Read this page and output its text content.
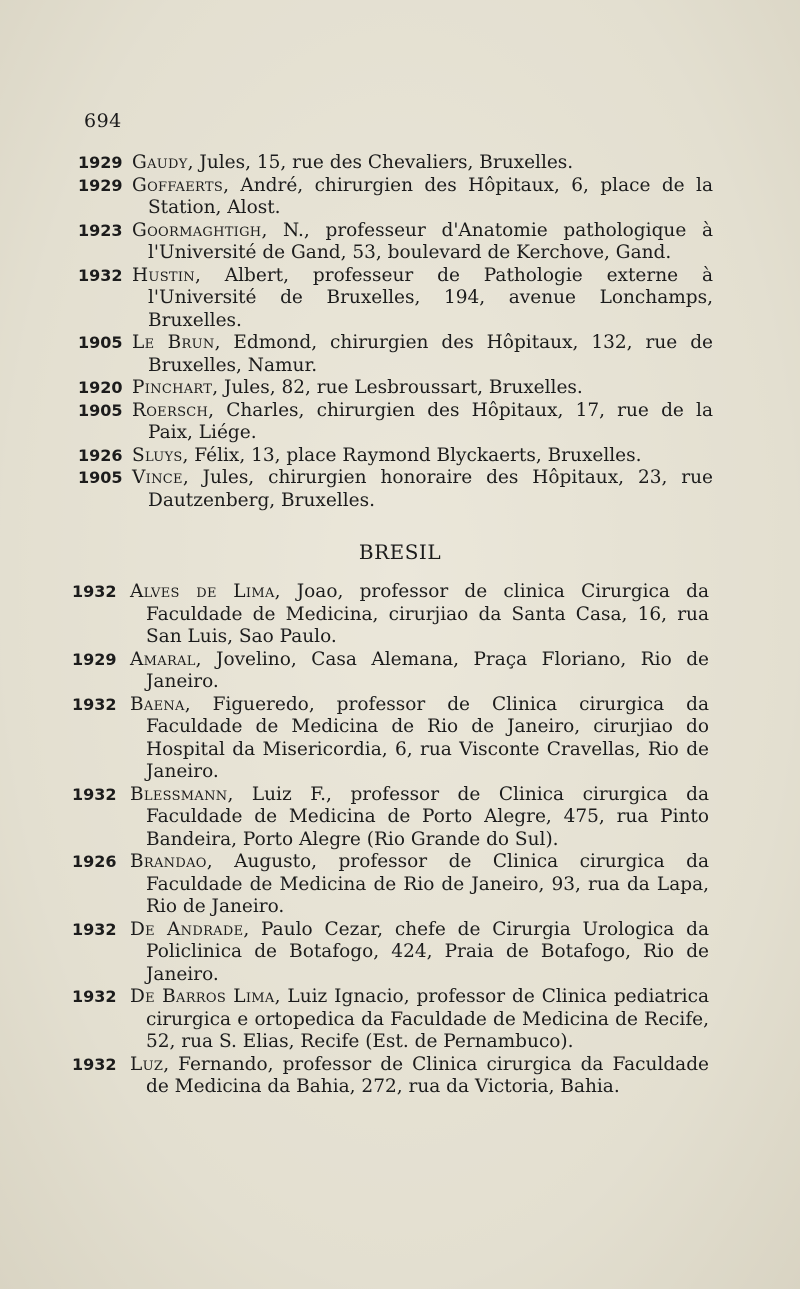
694
1929 Gaudy, Jules, 15, rue des Chevaliers, Bruxelles.
1929 Goffaerts, André, chirurgien des Hôpitaux, 6, place de la Station, Alost.
1923 Goormaghtigh, N., professeur d'Anatomie pathologique à l'Université de Gand, 53, boulevard de Kerchove, Gand.
1932 Hustin, Albert, professeur de Pathologie externe à l'Université de Bruxelles, 194, avenue Lonchamps, Bruxelles.
1905 Le Brun, Edmond, chirurgien des Hôpitaux, 132, rue de Bruxelles, Namur.
1920 Pinchart, Jules, 82, rue Lesbroussart, Bruxelles.
1905 Roersch, Charles, chirurgien des Hôpitaux, 17, rue de la Paix, Liége.
1926 Sluys, Félix, 13, place Raymond Blyckaerts, Bruxelles.
1905 Vince, Jules, chirurgien honoraire des Hôpitaux, 23, rue Dautzenberg, Bruxelles.
BRESIL
1932 Alves de Lima, Joao, professor de clinica Cirurgica da Faculdade de Medicina, cirurjiao da Santa Casa, 16, rua San Luis, Sao Paulo.
1929 Amaral, Jovelino, Casa Alemana, Praça Floriano, Rio de Janeiro.
1932 Baena, Figueredo, professor de Clinica cirurgica da Faculdade de Medicina de Rio de Janeiro, cirurjiao do Hospital da Misericordia, 6, rua Visconte Cravellas, Rio de Janeiro.
1932 Blessmann, Luiz F., professor de Clinica cirurgica da Faculdade de Medicina de Porto Alegre, 475, rua Pinto Bandeira, Porto Alegre (Rio Grande do Sul).
1926 Brandao, Augusto, professor de Clinica cirurgica da Faculdade de Medicina de Rio de Janeiro, 93, rua da Lapa, Rio de Janeiro.
1932 De Andrade, Paulo Cezar, chefe de Cirurgia Urologica da Policlinica de Botafogo, 424, Praia de Botafogo, Rio de Janeiro.
1932 De Barros Lima, Luiz Ignacio, professor de Clinica pediatrica cirurgica e ortopedica da Faculdade de Medicina de Recife, 52, rua S. Elias, Recife (Est. de Pernambuco).
1932 Luz, Fernando, professor de Clinica cirurgica da Faculdade de Medicina da Bahia, 272, rua da Victoria, Bahia.
